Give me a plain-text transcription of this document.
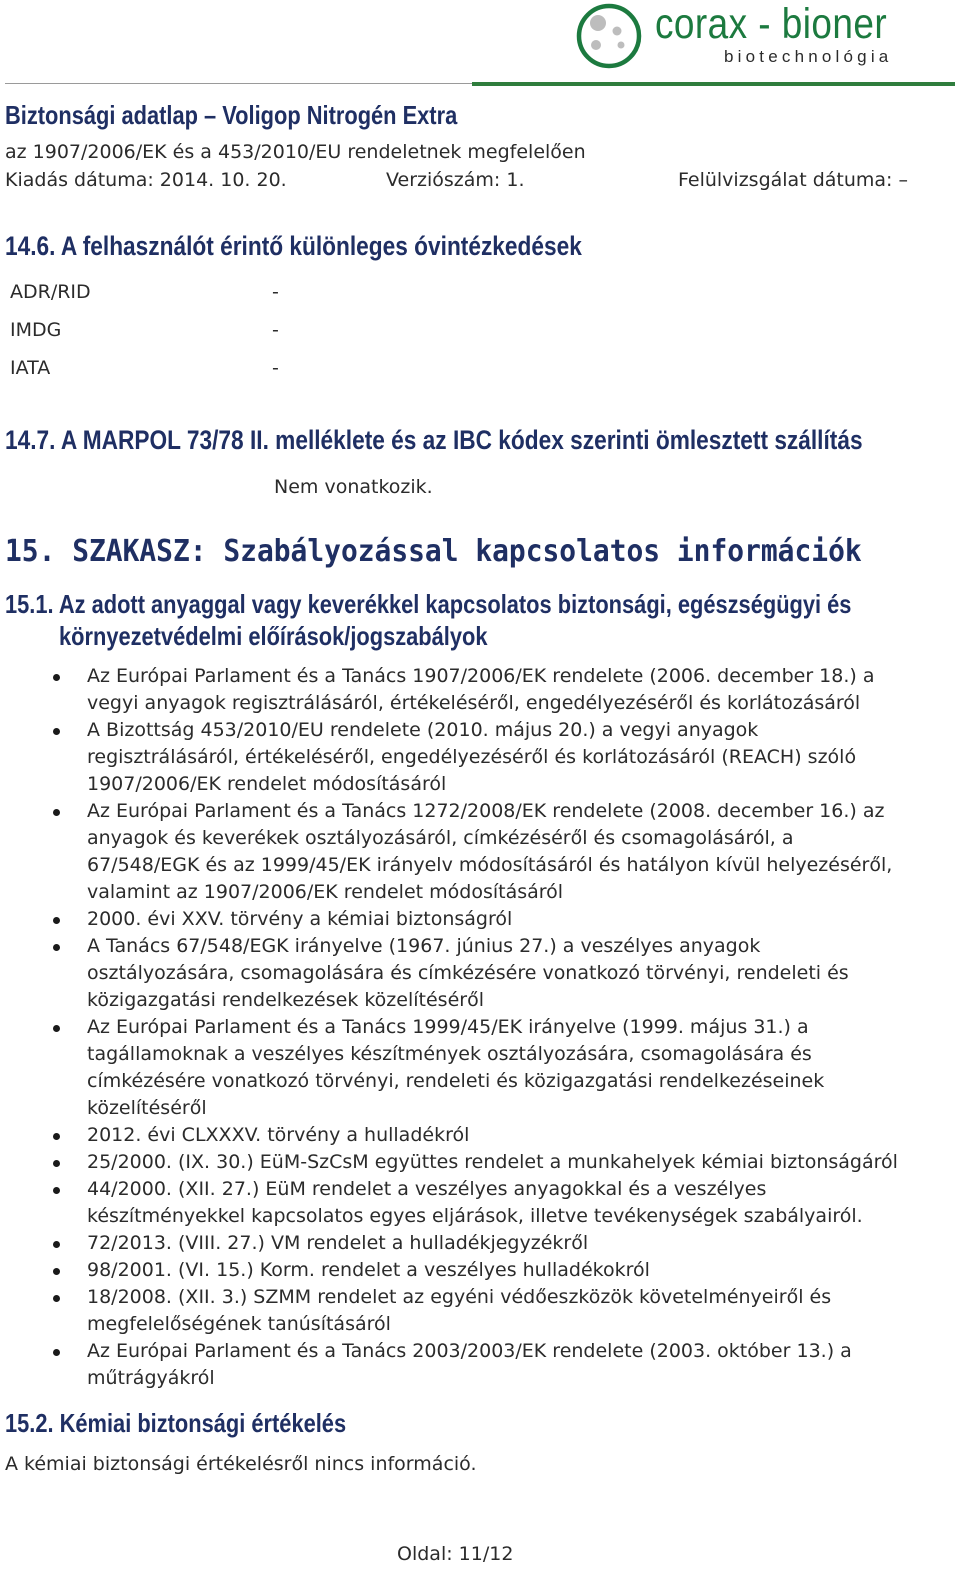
corax - bioner
biotechnológia
Biztonsági adatlap – Voligop Nitrogén Extra
az 1907/2006/EK és a 453/2010/EU rendeletnek megfelelően
Kiadás dátuma: 2014. 10. 20.	Verziószám: 1.	Felülvizsgálat dátuma: –
14.6. A felhasználót érintő különleges óvintézkedések
ADR/RID	-
IMDG	-
IATA	-
14.7. A MARPOL 73/78 II. melléklete és az IBC kódex szerinti ömlesztett szállítás
Nem vonatkozik.
15. SZAKASZ: Szabályozással kapcsolatos információk
15.1. Az adott anyaggal vagy keverékkel kapcsolatos biztonsági, egészségügyi és
környezetvédelmi előírások/jogszabályok
Az Európai Parlament és a Tanács 1907/2006/EK rendelete (2006. december 18.) a vegyi anyagok regisztrálásáról, értékeléséről, engedélyezéséről és korlátozásáról
A Bizottság 453/2010/EU rendelete (2010. május 20.) a vegyi anyagok regisztrálásáról, értékeléséről, engedélyezéséről és korlátozásáról (REACH) szóló 1907/2006/EK rendelet módosításáról
Az Európai Parlament és a Tanács 1272/2008/EK rendelete (2008. december 16.) az anyagok és keverékek osztályozásáról, címkézéséről és csomagolásáról, a 67/548/EGK és az 1999/45/EK irányelv módosításáról és hatályon kívül helyezéséről, valamint az 1907/2006/EK rendelet módosításáról
2000. évi XXV. törvény a kémiai biztonságról
A Tanács 67/548/EGK irányelve (1967. június 27.) a veszélyes anyagok osztályozására, csomagolására és címkézésére vonatkozó törvényi, rendeleti és közigazgatási rendelkezések közelítéséről
Az Európai Parlament és a Tanács 1999/45/EK irányelve (1999. május 31.) a tagállamoknak a veszélyes készítmények osztályozására, csomagolására és címkézésére vonatkozó törvényi, rendeleti és közigazgatási rendelkezéseinek közelítéséről
2012. évi CLXXXV. törvény a hulladékról
25/2000. (IX. 30.) EüM-SzCsM együttes rendelet a munkahelyek kémiai biztonságáról
44/2000. (XII. 27.) EüM rendelet a veszélyes anyagokkal és a veszélyes készítményekkel kapcsolatos egyes eljárások, illetve tevékenységek szabályairól.
72/2013. (VIII. 27.) VM rendelet a hulladékjegyzékről
98/2001. (VI. 15.) Korm. rendelet a veszélyes hulladékokról
18/2008. (XII. 3.) SZMM rendelet az egyéni védőeszközök követelményeiről és megfelelőségének tanúsításáról
Az Európai Parlament és a Tanács 2003/2003/EK rendelete (2003. október 13.) a műtrágyákról
15.2. Kémiai biztonsági értékelés
A kémiai biztonsági értékelésről nincs információ.
Oldal: 11/12
